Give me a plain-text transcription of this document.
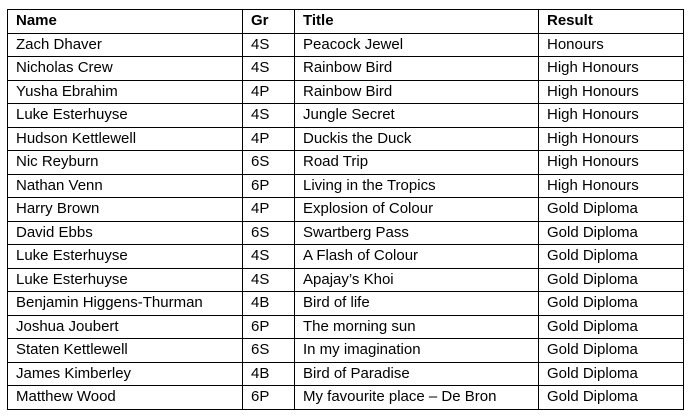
Name	Gr	Title	Result
Zach Dhaver	4S	Peacock Jewel	Honours
Nicholas Crew	4S	Rainbow Bird	High Honours
Yusha Ebrahim	4P	Rainbow Bird	High Honours
Luke Esterhuyse	4S	Jungle Secret	High Honours
Hudson Kettlewell	4P	Duckis the Duck	High Honours
Nic Reyburn	6S	Road Trip	High Honours
Nathan Venn	6P	Living in the Tropics	High Honours
Harry Brown	4P	Explosion of Colour	Gold Diploma
David Ebbs	6S	Swartberg Pass	Gold Diploma
Luke Esterhuyse	4S	A Flash of Colour	Gold Diploma
Luke Esterhuyse	4S	Apajay’s Khoi	Gold Diploma
Benjamin Higgens-Thurman	4B	Bird of life	Gold Diploma
Joshua Joubert	6P	The morning sun	Gold Diploma
Staten Kettlewell	6S	In my imagination	Gold Diploma
James Kimberley	4B	Bird of Paradise	Gold Diploma
Matthew Wood	6P	My favourite place – De Bron	Gold Diploma
